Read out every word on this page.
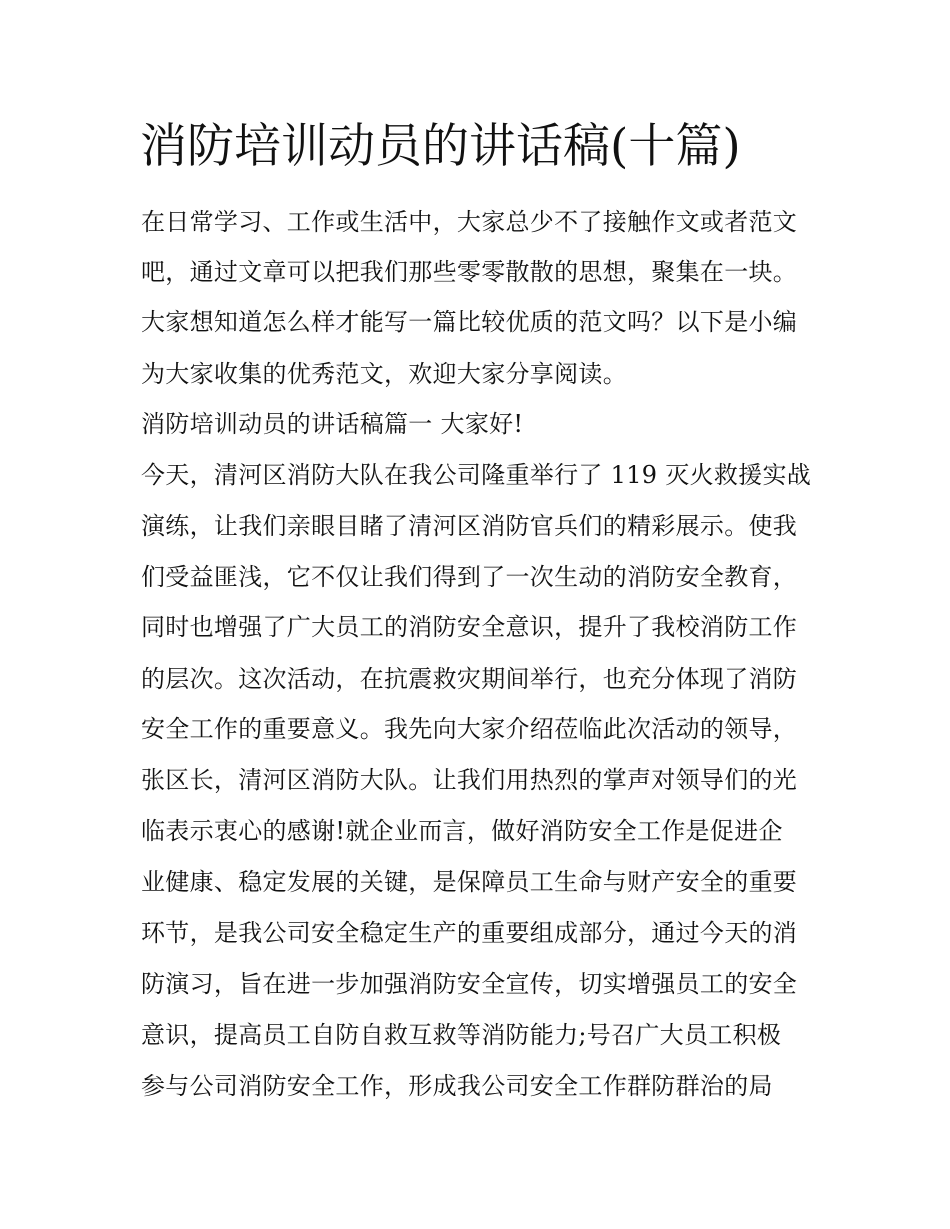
消防培训动员的讲话稿(十篇)

在日常学习、工作或生活中，大家总少不了接触作文或者范文

吧，通过文章可以把我们那些零零散散的思想，聚集在一块。

大家想知道怎么样才能写一篇比较优质的范文吗？以下是小编

为大家收集的优秀范文，欢迎大家分享阅读。

消防培训动员的讲话稿篇一 大家好!

今天，清河区消防大队在我公司隆重举行了 119 灭火救援实战

演练，让我们亲眼目睹了清河区消防官兵们的精彩展示。使我

们受益匪浅，它不仅让我们得到了一次生动的消防安全教育，

同时也增强了广大员工的消防安全意识，提升了我校消防工作

的层次。这次活动，在抗震救灾期间举行，也充分体现了消防

安全工作的重要意义。我先向大家介绍莅临此次活动的领导，

张区长，清河区消防大队。让我们用热烈的掌声对领导们的光

临表示衷心的感谢!就企业而言，做好消防安全工作是促进企

业健康、稳定发展的关键，是保障员工生命与财产安全的重要

环节，是我公司安全稳定生产的重要组成部分，通过今天的消

防演习，旨在进一步加强消防安全宣传，切实增强员工的安全

意识，提高员工自防自救互救等消防能力;号召广大员工积极

参与公司消防安全工作，形成我公司安全工作群防群治的局
